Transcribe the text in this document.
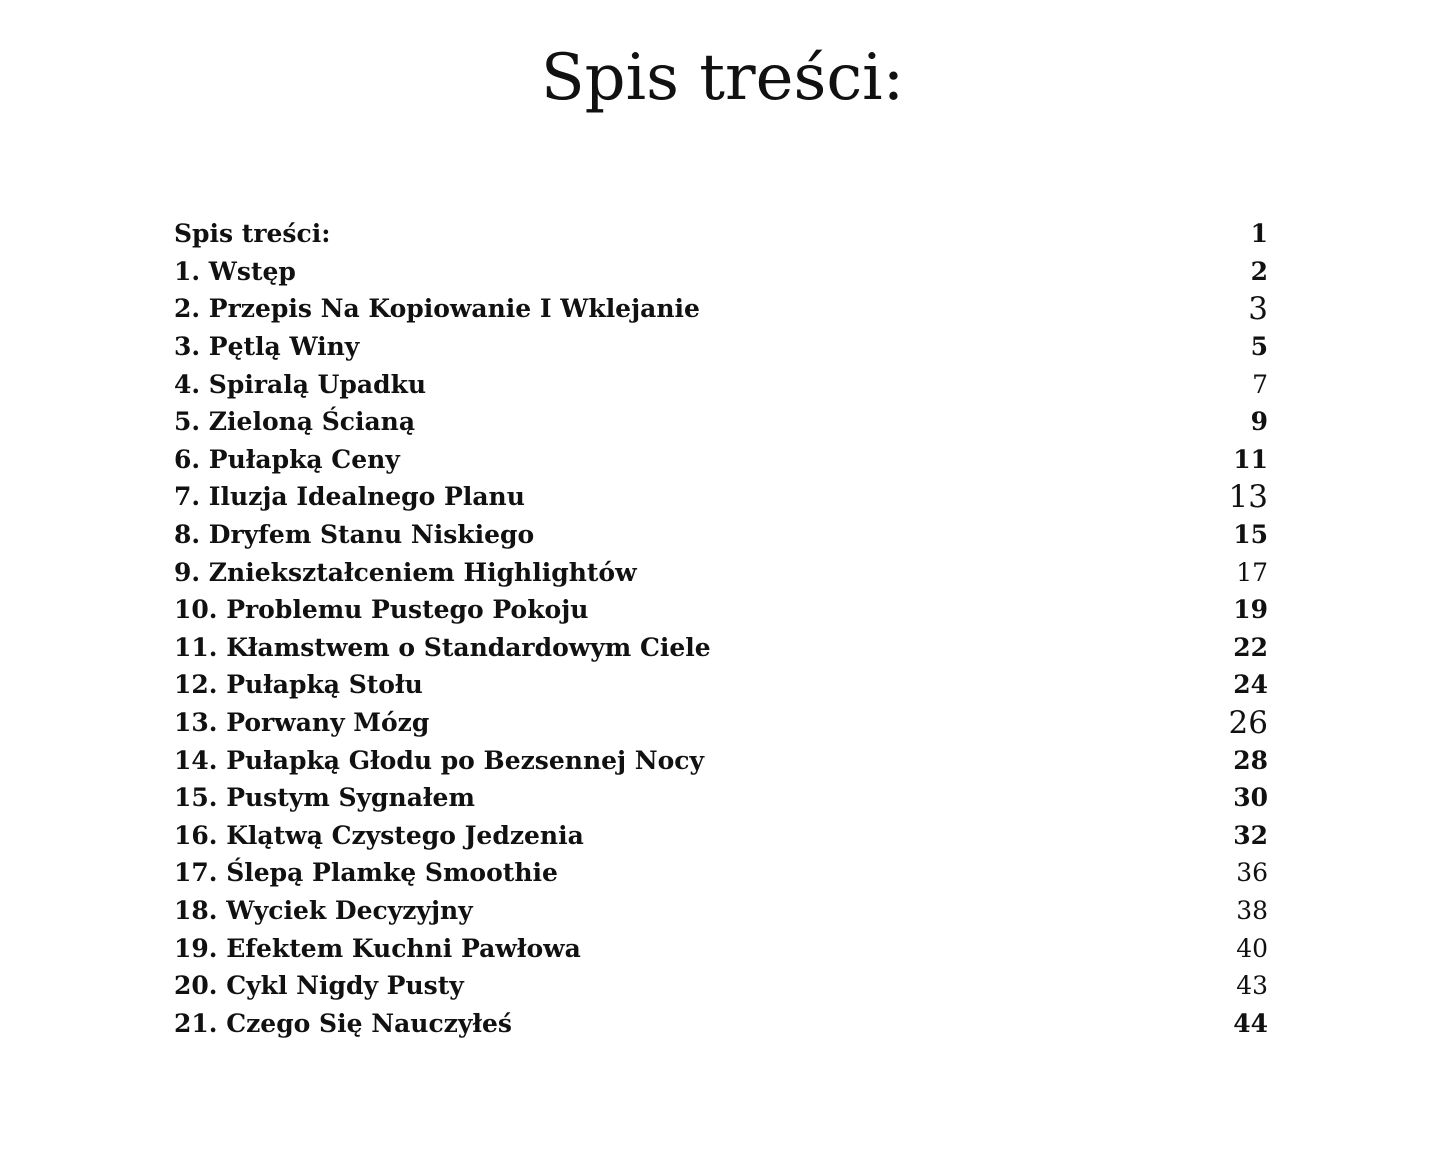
Spis treści:
Spis treści:	1
1. Wstęp	2
2. Przepis Na Kopiowanie I Wklejanie	3
3. Pętlą Winy	5
4. Spiralą Upadku	7
5. Zieloną Ścianą	9
6. Pułapką Ceny	11
7. Iluzja Idealnego Planu	13
8. Dryfem Stanu Niskiego	15
9. Zniekształceniem Highlightów	17
10. Problemu Pustego Pokoju	19
11. Kłamstwem o Standardowym Ciele	22
12. Pułapką Stołu	24
13. Porwany Mózg	26
14. Pułapką Głodu po Bezsennej Nocy	28
15. Pustym Sygnałem	30
16. Klątwą Czystego Jedzenia	32
17. Ślepą Plamkę Smoothie	36
18. Wyciek Decyzyjny	38
19. Efektem Kuchni Pawłowa	40
20. Cykl Nigdy Pusty	43
21. Czego Się Nauczyłeś	44
